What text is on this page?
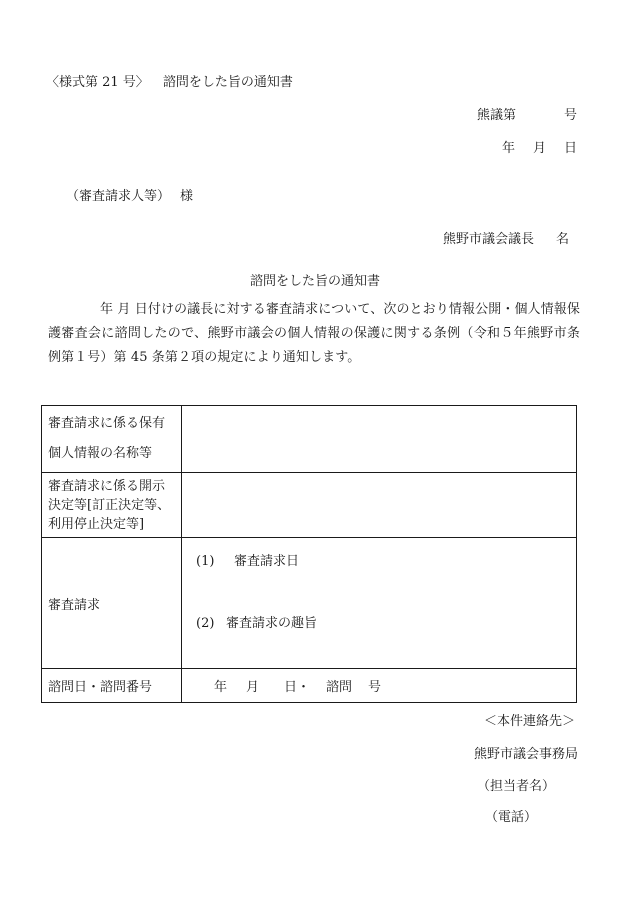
〈様式第 21 号〉 諮問をした旨の通知書
熊議第	号
年 月 日
（審査請求人等） 様
熊野市議会議長 名
諮問をした旨の通知書
年 月 日付けの議長に対する審査請求について、次のとおり情報公開・個人情報保護審査会に諮問したので、熊野市議会の個人情報の保護に関する条例（令和５年熊野市条例第１号）第 45 条第２項の規定により通知します。
審査請求に係る保有
個人情報の名称等	

審査請求に係る開示
決定等[訂正決定等、
利用停止決定等]	

審査請求	(1) 審査請求日
(2) 審査請求の趣旨

諮問日・諮問番号	年 月 日・ 諮問 号
＜本件連絡先＞
熊野市議会事務局
（担当者名）
（電話）
